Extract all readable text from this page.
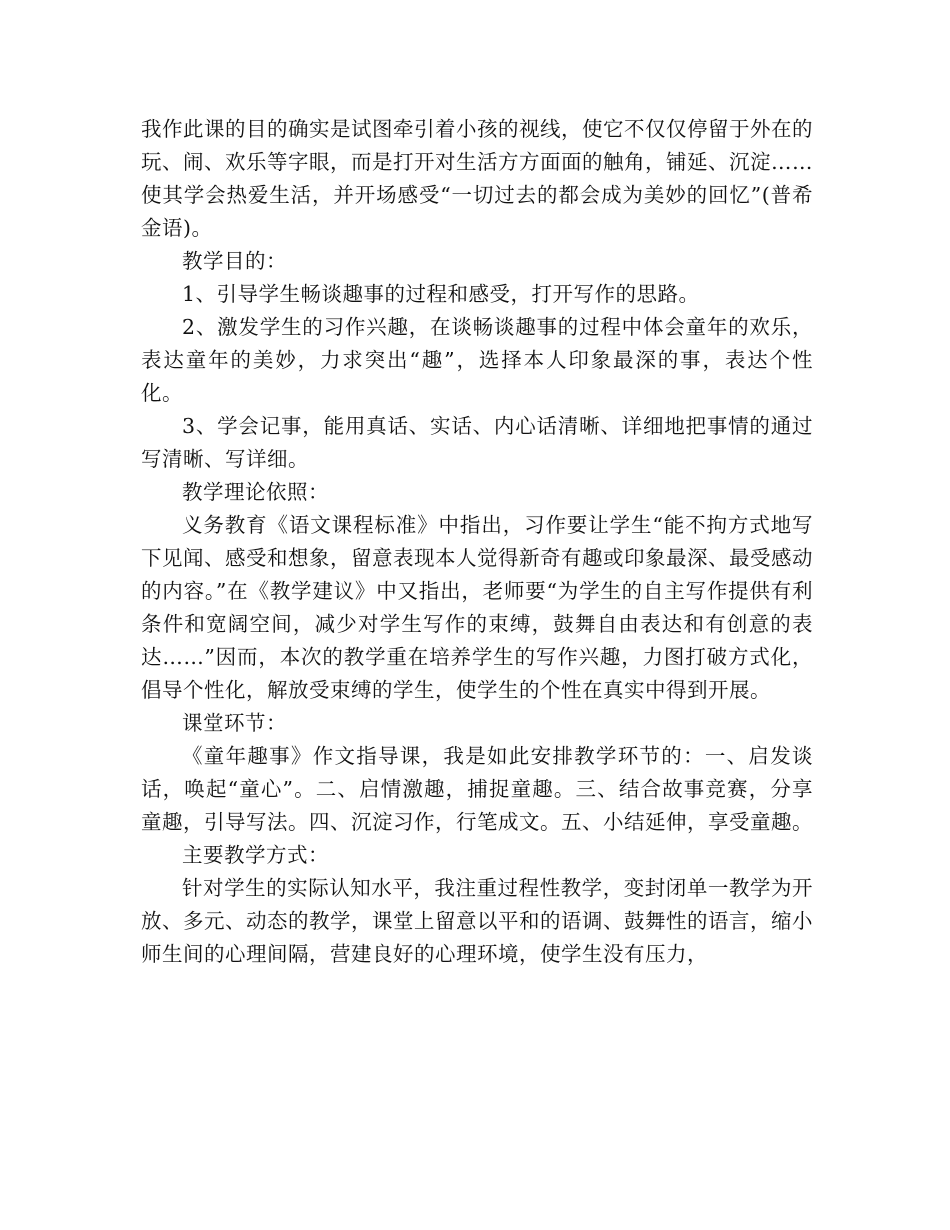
我作此课的目的确实是试图牵引着小孩的视线，使它不仅仅停留于外在的玩、闹、欢乐等字眼，而是打开对生活方方面面的触角，铺延、沉淀……使其学会热爱生活，并开场感受“一切过去的都会成为美妙的回忆”(普希金语)。

教学目的：

1、引导学生畅谈趣事的过程和感受，打开写作的思路。

2、激发学生的习作兴趣，在谈畅谈趣事的过程中体会童年的欢乐，表达童年的美妙，力求突出“趣”，选择本人印象最深的事，表达个性化。

3、学会记事，能用真话、实话、内心话清晰、详细地把事情的通过写清晰、写详细。

教学理论依照：

义务教育《语文课程标准》中指出，习作要让学生“能不拘方式地写下见闻、感受和想象，留意表现本人觉得新奇有趣或印象最深、最受感动的内容。”在《教学建议》中又指出，老师要“为学生的自主写作提供有利条件和宽阔空间，减少对学生写作的束缚，鼓舞自由表达和有创意的表达……”因而，本次的教学重在培养学生的写作兴趣，力图打破方式化，倡导个性化，解放受束缚的学生，使学生的个性在真实中得到开展。

课堂环节：

《童年趣事》作文指导课，我是如此安排教学环节的：一、启发谈话，唤起“童心”。二、启情激趣，捕捉童趣。三、结合故事竞赛，分享童趣，引导写法。四、沉淀习作，行笔成文。五、小结延伸，享受童趣。

主要教学方式：

针对学生的实际认知水平，我注重过程性教学，变封闭单一教学为开放、多元、动态的教学，课堂上留意以平和的语调、鼓舞性的语言，缩小师生间的心理间隔，营建良好的心理环境，使学生没有压力，
